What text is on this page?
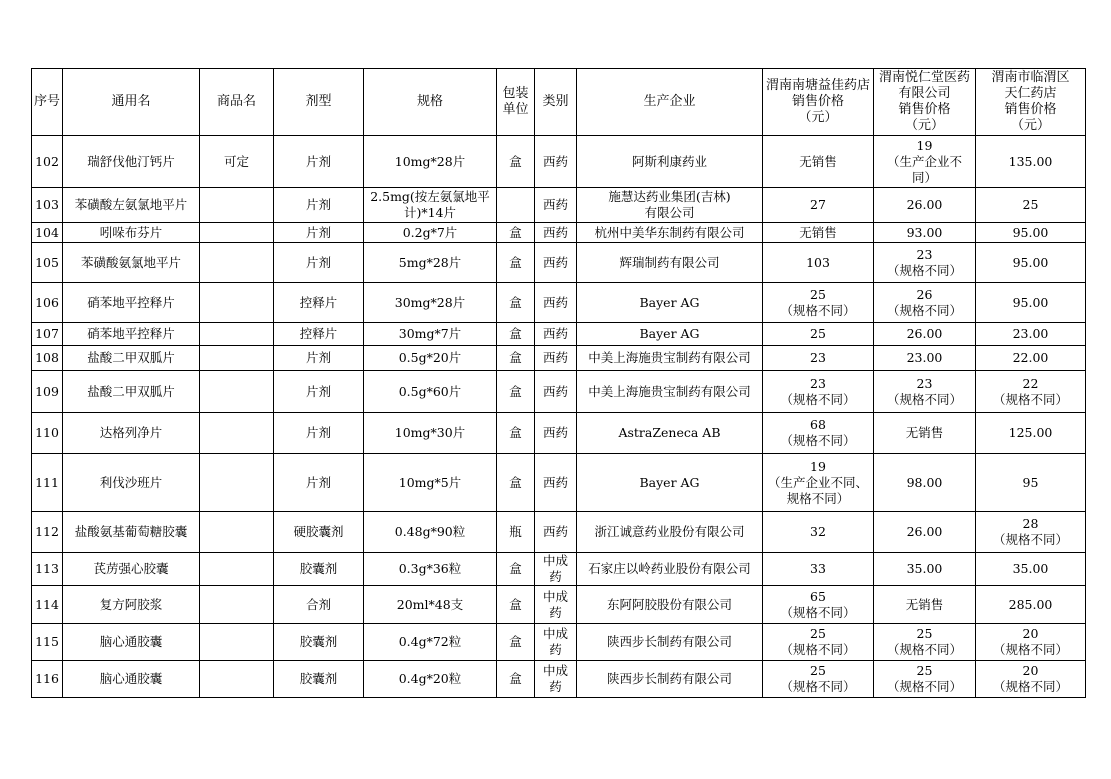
序号	通用名	商品名	剂型	规格	包装
单位	类别	生产企业	渭南南塘益佳药店
销售价格
（元）	渭南悦仁堂医药
有限公司
销售价格
（元）	渭南市临渭区
天仁药店
销售价格
（元）
102	瑞舒伐他汀钙片	可定	片剂	10mg*28片	盒	西药	阿斯利康药业	无销售	19
（生产企业不
同）	135.00
103	苯磺酸左氨氯地平片		片剂	2.5mg(按左氨氯地平
计)*14片		西药	施慧达药业集团(吉林)
有限公司	27	26.00	25
104	吲哚布芬片		片剂	0.2g*7片	盒	西药	杭州中美华东制药有限公司	无销售	93.00	95.00
105	苯磺酸氨氯地平片		片剂	5mg*28片	盒	西药	辉瑞制药有限公司	103	23
（规格不同）	95.00
106	硝苯地平控释片		控释片	30mg*28片	盒	西药	Bayer AG	25
（规格不同）	26
（规格不同）	95.00
107	硝苯地平控释片		控释片	30mg*7片	盒	西药	Bayer AG	25	26.00	23.00
108	盐酸二甲双胍片		片剂	0.5g*20片	盒	西药	中美上海施贵宝制药有限公司	23	23.00	22.00
109	盐酸二甲双胍片		片剂	0.5g*60片	盒	西药	中美上海施贵宝制药有限公司	23
（规格不同）	23
（规格不同）	22
（规格不同）
110	达格列净片		片剂	10mg*30片	盒	西药	AstraZeneca AB	68
（规格不同）	无销售	125.00
111	利伐沙班片		片剂	10mg*5片	盒	西药	Bayer AG	19
（生产企业不同、
规格不同）	98.00	95
112	盐酸氨基葡萄糖胶囊		硬胶囊剂	0.48g*90粒	瓶	西药	浙江诚意药业股份有限公司	32	26.00	28
（规格不同）
113	芪苈强心胶囊		胶囊剂	0.3g*36粒	盒	中成药	石家庄以岭药业股份有限公司	33	35.00	35.00
114	复方阿胶浆		合剂	20ml*48支	盒	中成药	东阿阿胶股份有限公司	65
（规格不同）	无销售	285.00
115	脑心通胶囊		胶囊剂	0.4g*72粒	盒	中成药	陕西步长制药有限公司	25
（规格不同）	25
（规格不同）	20
（规格不同）
116	脑心通胶囊		胶囊剂	0.4g*20粒	盒	中成药	陕西步长制药有限公司	25
（规格不同）	25
（规格不同）	20
（规格不同）
